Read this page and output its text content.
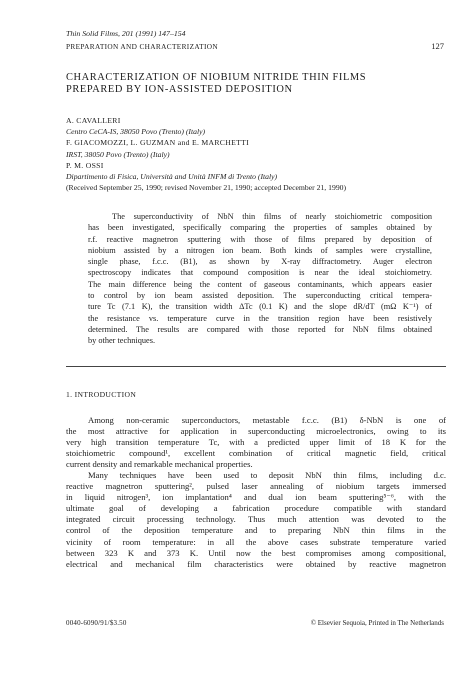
Thin Solid Films, 201 (1991) 147–154
PREPARATION AND CHARACTERIZATION	127
CHARACTERIZATION OF NIOBIUM NITRIDE THIN FILMS
PREPARED BY ION-ASSISTED DEPOSITION
A. CAVALLERI
Centro CeCA-IS, 38050 Povo (Trento) (Italy)
F. GIACOMOZZI, L. GUZMAN and E. MARCHETTI
IRST, 38050 Povo (Trento) (Italy)
P. M. OSSI
Dipartimento di Fisica, Università and Unità INFM di Trento (Italy)
(Received September 25, 1990; revised November 21, 1990; accepted December 21, 1990)
The superconductivity of NbN thin films of nearly stoichiometric composition
has been investigated, specifically comparing the properties of samples obtained by
r.f. reactive magnetron sputtering with those of films prepared by deposition of
niobium assisted by a nitrogen ion beam. Both kinds of samples were crystalline,
single phase, f.c.c. (B1), as shown by X-ray diffractometry. Auger electron
spectroscopy indicates that compound composition is near the ideal stoichiometry.
The main difference being the content of gaseous contaminants, which appears easier
to control by ion beam assisted deposition. The superconducting critical tempera-
ture Tc (7.1 K), the transition width ΔTc (0.1 K) and the slope dR/dT (mΩ K⁻¹) of
the resistance vs. temperature curve in the transition region have been resistively
determined. The results are compared with those reported for NbN films obtained
by other techniques.
1. INTRODUCTION
Among non-ceramic superconductors, metastable f.c.c. (B1) δ-NbN is one of
the most attractive for application in superconducting microelectronics, owing to its
very high transition temperature Tc, with a predicted upper limit of 18 K for the
stoichiometric compound¹, excellent combination of critical magnetic field, critical
current density and remarkable mechanical properties.
Many techniques have been used to deposit NbN thin films, including d.c.
reactive magnetron sputtering², pulsed laser annealing of niobium targets immersed
in liquid nitrogen³, ion implantation⁴ and dual ion beam sputtering⁵⁻⁶, with the
ultimate goal of developing a fabrication procedure compatible with standard
integrated circuit processing technology. Thus much attention was devoted to the
control of the deposition temperature and to preparing NbN thin films in the
vicinity of room temperature: in all the above cases substrate temperature varied
between 323 K and 373 K. Until now the best compromises among compositional,
electrical and mechanical film characteristics were obtained by reactive magnetron
0040-6090/91/$3.50	© Elsevier Sequoia, Printed in The Netherlands
